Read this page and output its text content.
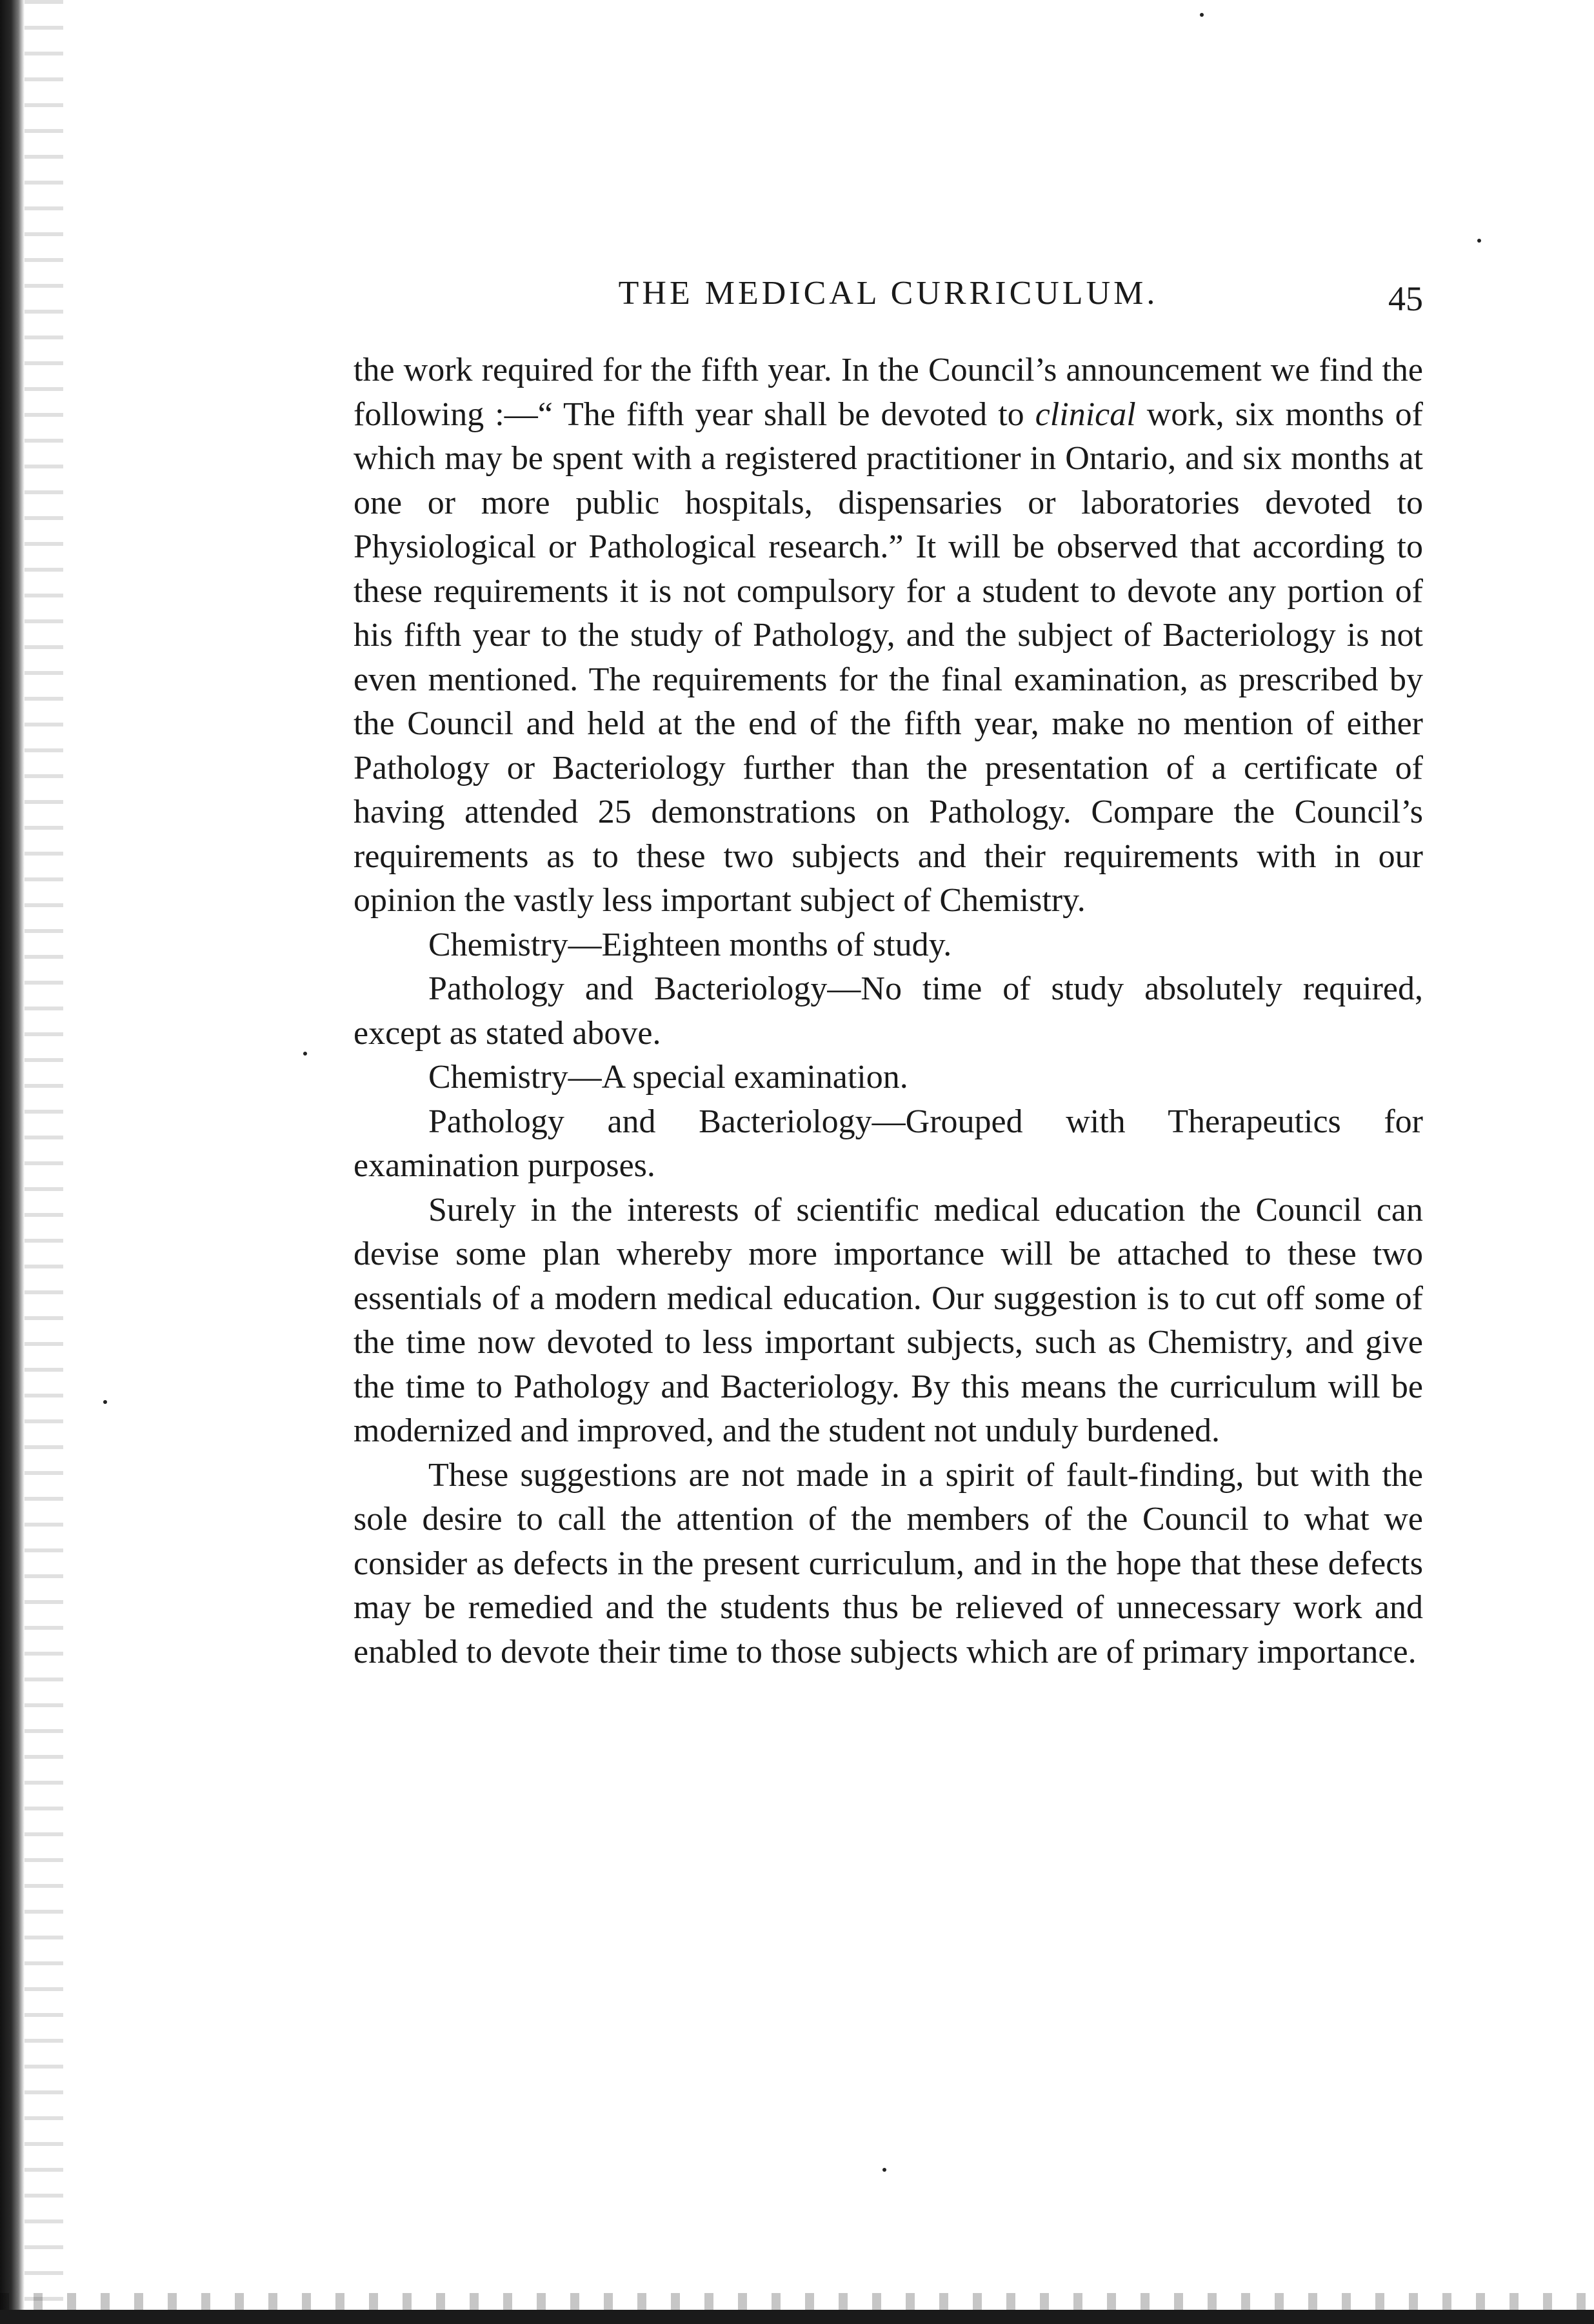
THE MEDICAL CURRICULUM.	45

the work required for the fifth year. In the Council’s announcement we find the following :—“ The fifth year shall be devoted to clinical work, six months of which may be spent with a registered practitioner in Ontario, and six months at one or more public hospitals, dispensaries or laboratories devoted to Physiological or Pathological research.” It will be observed that according to these requirements it is not compulsory for a student to devote any portion of his fifth year to the study of Pathology, and the subject of Bacteriology is not even mentioned. The requirements for the final examination, as prescribed by the Council and held at the end of the fifth year, make no mention of either Pathology or Bacteriology further than the presentation of a certificate of having attended 25 demonstrations on Pathology. Compare the Council’s requirements as to these two subjects and their requirements with in our opinion the vastly less important subject of Chemistry.

Chemistry—Eighteen months of study.

Pathology and Bacteriology—No time of study absolutely required, except as stated above.

Chemistry—A special examination.

Pathology and Bacteriology—Grouped with Therapeutics for examination purposes.

Surely in the interests of scientific medical education the Council can devise some plan whereby more importance will be attached to these two essentials of a modern medical education. Our suggestion is to cut off some of the time now devoted to less important subjects, such as Chemistry, and give the time to Pathology and Bacteriology. By this means the curriculum will be modernized and improved, and the student not unduly burdened.

These suggestions are not made in a spirit of fault-finding, but with the sole desire to call the attention of the members of the Council to what we consider as defects in the present curriculum, and in the hope that these defects may be remedied and the students thus be relieved of unnecessary work and enabled to devote their time to those subjects which are of primary importance.
